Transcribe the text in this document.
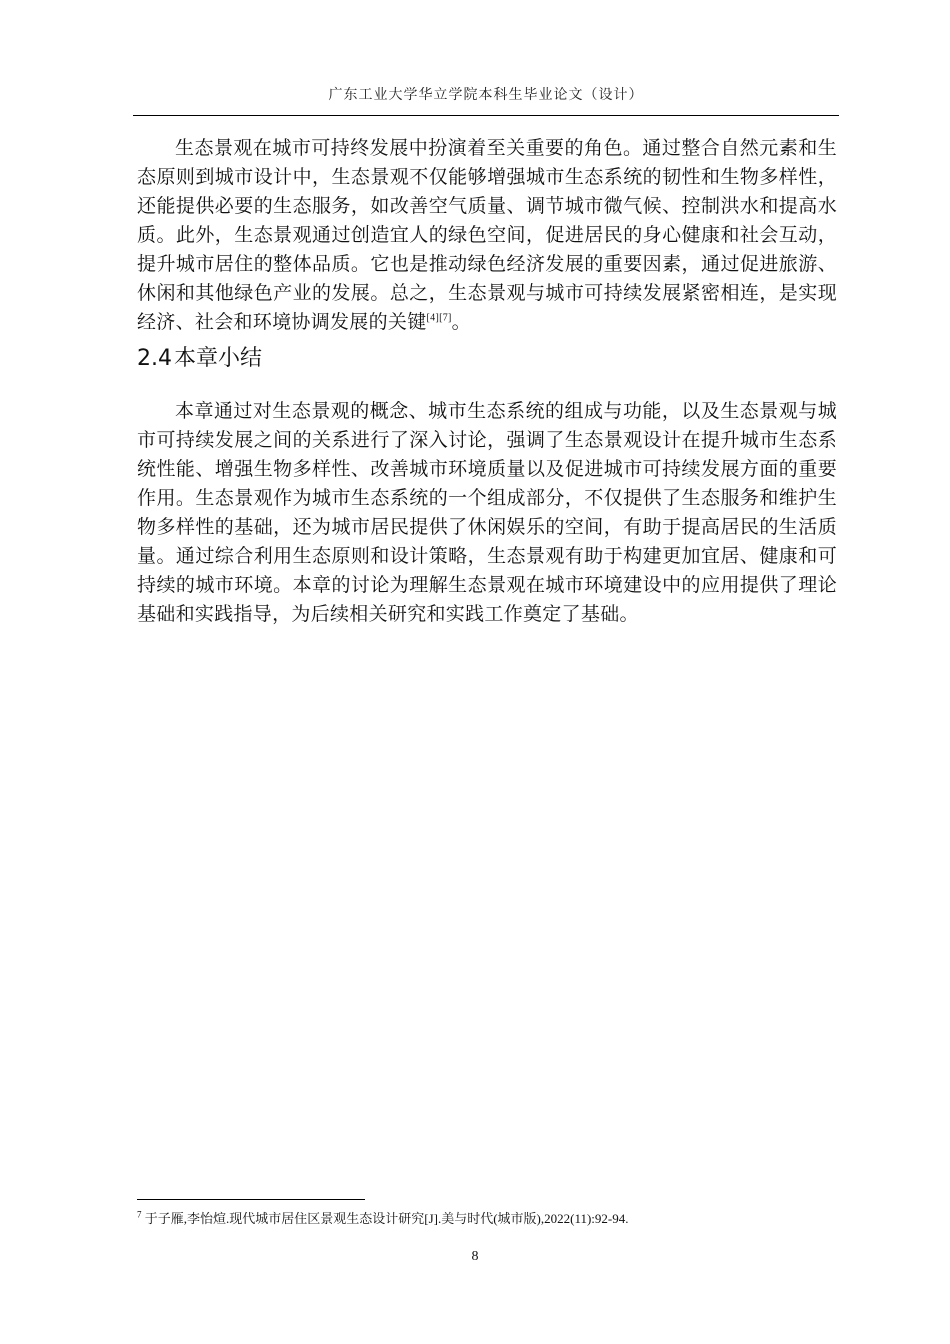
广东工业大学华立学院本科生毕业论文（设计）

生态景观在城市可持终发展中扮演着至关重要的角色。通过整合自然元素和生态原则到城市设计中，生态景观不仅能够增强城市生态系统的韧性和生物多样性，还能提供必要的生态服务，如改善空气质量、调节城市微气候、控制洪水和提高水质。此外，生态景观通过创造宜人的绿色空间，促进居民的身心健康和社会互动，提升城市居住的整体品质。它也是推动绿色经济发展的重要因素，通过促进旅游、休闲和其他绿色产业的发展。总之，生态景观与城市可持续发展紧密相连，是实现经济、社会和环境协调发展的关键[4][7]。

2.4本章小结

本章通过对生态景观的概念、城市生态系统的组成与功能，以及生态景观与城市可持续发展之间的关系进行了深入讨论，强调了生态景观设计在提升城市生态系统性能、增强生物多样性、改善城市环境质量以及促进城市可持续发展方面的重要作用。生态景观作为城市生态系统的一个组成部分，不仅提供了生态服务和维护生物多样性的基础，还为城市居民提供了休闲娱乐的空间，有助于提高居民的生活质量。通过综合利用生态原则和设计策略，生态景观有助于构建更加宜居、健康和可持续的城市环境。本章的讨论为理解生态景观在城市环境建设中的应用提供了理论基础和实践指导，为后续相关研究和实践工作奠定了基础。

$^7$ 于子雁,李怡煊.现代城市居住区景观生态设计研究[J].美与时代(城市版),2022(11):92-94.
8
